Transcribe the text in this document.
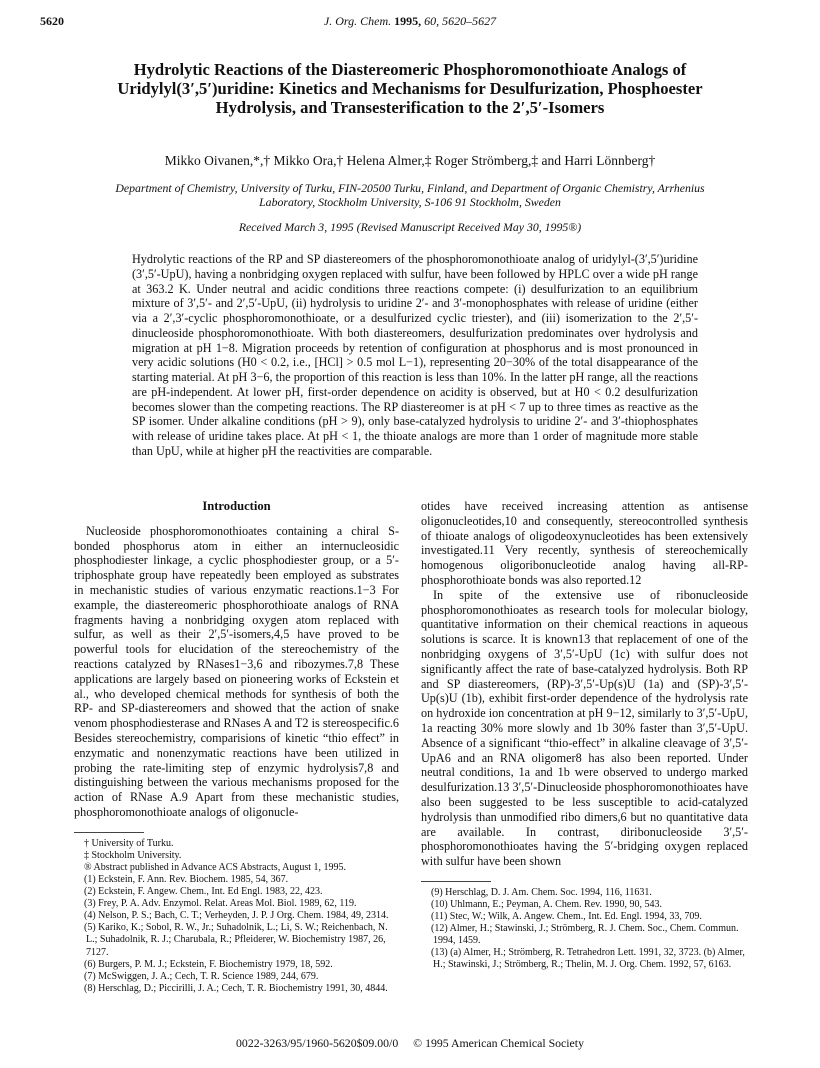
5620	J. Org. Chem. 1995, 60, 5620–5627
Hydrolytic Reactions of the Diastereomeric Phosphoromonothioate Analogs of Uridylyl(3′,5′)uridine: Kinetics and Mechanisms for Desulfurization, Phosphoester Hydrolysis, and Transesterification to the 2′,5′-Isomers
Mikko Oivanen,*,† Mikko Ora,† Helena Almer,‡ Roger Strömberg,‡ and Harri Lönnberg†
Department of Chemistry, University of Turku, FIN-20500 Turku, Finland, and Department of Organic Chemistry, Arrhenius Laboratory, Stockholm University, S-106 91 Stockholm, Sweden
Received March 3, 1995 (Revised Manuscript Received May 30, 1995®)
Hydrolytic reactions of the RP and SP diastereomers of the phosphoromonothioate analog of uridylyl-(3′,5′)uridine (3′,5′-UpU), having a nonbridging oxygen replaced with sulfur, have been followed by HPLC over a wide pH range at 363.2 K. Under neutral and acidic conditions three reactions compete: (i) desulfurization to an equilibrium mixture of 3′,5′- and 2′,5′-UpU, (ii) hydrolysis to uridine 2′- and 3′-monophosphates with release of uridine (either via a 2′,3′-cyclic phosphoromonothioate, or a desulfurized cyclic triester), and (iii) isomerization to the 2′,5′-dinucleoside phosphoromonothioate. With both diastereomers, desulfurization predominates over hydrolysis and migration at pH 1−8. Migration proceeds by retention of configuration at phosphorus and is most pronounced in very acidic solutions (H0 < 0.2, i.e., [HCl] > 0.5 mol L−1), representing 20−30% of the total disappearance of the starting material. At pH 3−6, the proportion of this reaction is less than 10%. In the latter pH range, all the reactions are pH-independent. At lower pH, first-order dependence on acidity is observed, but at H0 < 0.2 desulfurization becomes slower than the competing reactions. The RP diastereomer is at pH < 7 up to three times as reactive as the SP isomer. Under alkaline conditions (pH > 9), only base-catalyzed hydrolysis to uridine 2′- and 3′-thiophosphates with release of uridine takes place. At pH < 1, the thioate analogs are more than 1 order of magnitude more stable than UpU, while at higher pH the reactivities are comparable.
Introduction

Nucleoside phosphoromonothioates containing a chiral S-bonded phosphorus atom in either an internucleosidic phosphodiester linkage, a cyclic phosphodiester group, or a 5′-triphosphate group have repeatedly been employed as substrates in mechanistic studies of various enzymatic reactions.1−3 For example, the diastereomeric phosphorothioate analogs of RNA fragments having a nonbridging oxygen atom replaced with sulfur, as well as their 2′,5′-isomers,4,5 have proved to be powerful tools for elucidation of the stereochemistry of the reactions catalyzed by RNases1−3,6 and ribozymes.7,8 These applications are largely based on pioneering works of Eckstein et al., who developed chemical methods for synthesis of both the RP- and SP-diastereomers and showed that the action of snake venom phosphodiesterase and RNases A and T2 is stereospecific.6 Besides stereochemistry, comparisions of kinetic “thio effect” in enzymatic and nonenzymatic reactions have been utilized in probing the rate-limiting step of enzymic hydrolysis7,8 and distinguishing between the various mechanisms proposed for the action of RNase A.9 Apart from these mechanistic studies, phosphoromonothioate analogs of oligonucle-

† University of Turku.
‡ Stockholm University.
® Abstract published in Advance ACS Abstracts, August 1, 1995.
(1) Eckstein, F. Ann. Rev. Biochem. 1985, 54, 367.
(2) Eckstein, F. Angew. Chem., Int. Ed Engl. 1983, 22, 423.
(3) Frey, P. A. Adv. Enzymol. Relat. Areas Mol. Biol. 1989, 62, 119.
(4) Nelson, P. S.; Bach, C. T.; Verheyden, J. P. J Org. Chem. 1984, 49, 2314.
(5) Kariko, K.; Sobol, R. W., Jr.; Suhadolnik, L.; Li, S. W.; Reichenbach, N. L.; Suhadolnik, R. J.; Charubala, R.; Pfleiderer, W. Biochemistry 1987, 26, 7127.
(6) Burgers, P. M. J.; Eckstein, F. Biochemistry 1979, 18, 592.
(7) McSwiggen, J. A.; Cech, T. R. Science 1989, 244, 679.
(8) Herschlag, D.; Piccirilli, J. A.; Cech, T. R. Biochemistry 1991, 30, 4844.

otides have received increasing attention as antisense oligonucleotides,10 and consequently, stereocontrolled synthesis of thioate analogs of oligodeoxynucleotides has been extensively investigated.11 Very recently, synthesis of stereochemically homogenous oligoribonucleotide analog having all-RP-phosphorothioate bonds was also reported.12

In spite of the extensive use of ribonucleoside phosphoromonothioates as research tools for molecular biology, quantitative information on their chemical reactions in aqueous solutions is scarce. It is known13 that replacement of one of the nonbridging oxygens of 3′,5′-UpU (1c) with sulfur does not significantly affect the rate of base-catalyzed hydrolysis. Both RP and SP diastereomers, (RP)-3′,5′-Up(s)U (1a) and (SP)-3′,5′-Up(s)U (1b), exhibit first-order dependence of the hydrolysis rate on hydroxide ion concentration at pH 9−12, similarly to 3′,5′-UpU, 1a reacting 30% more slowly and 1b 30% faster than 3′,5′-UpU. Absence of a significant “thio-effect” in alkaline cleavage of 3′,5′-UpA6 and an RNA oligomer8 has also been reported. Under neutral conditions, 1a and 1b were observed to undergo marked desulfurization.13 3′,5′-Dinucleoside phosphoromonothioates have also been suggested to be less susceptible to acid-catalyzed hydrolysis than unmodified ribo dimers,6 but no quantitative data are available. In contrast, diribonucleoside 3′,5′-phosphoromonothioates having the 5′-bridging oxygen replaced with sulfur have been shown

(9) Herschlag, D. J. Am. Chem. Soc. 1994, 116, 11631.
(10) Uhlmann, E.; Peyman, A. Chem. Rev. 1990, 90, 543.
(11) Stec, W.; Wilk, A. Angew. Chem., Int. Ed. Engl. 1994, 33, 709.
(12) Almer, H.; Stawinski, J.; Strömberg, R. J. Chem. Soc., Chem. Commun. 1994, 1459.
(13) (a) Almer, H.; Strömberg, R. Tetrahedron Lett. 1991, 32, 3723. (b) Almer, H.; Stawinski, J.; Strömberg, R.; Thelin, M. J. Org. Chem. 1992, 57, 6163.
0022-3263/95/1960-5620$09.00/0 © 1995 American Chemical Society
